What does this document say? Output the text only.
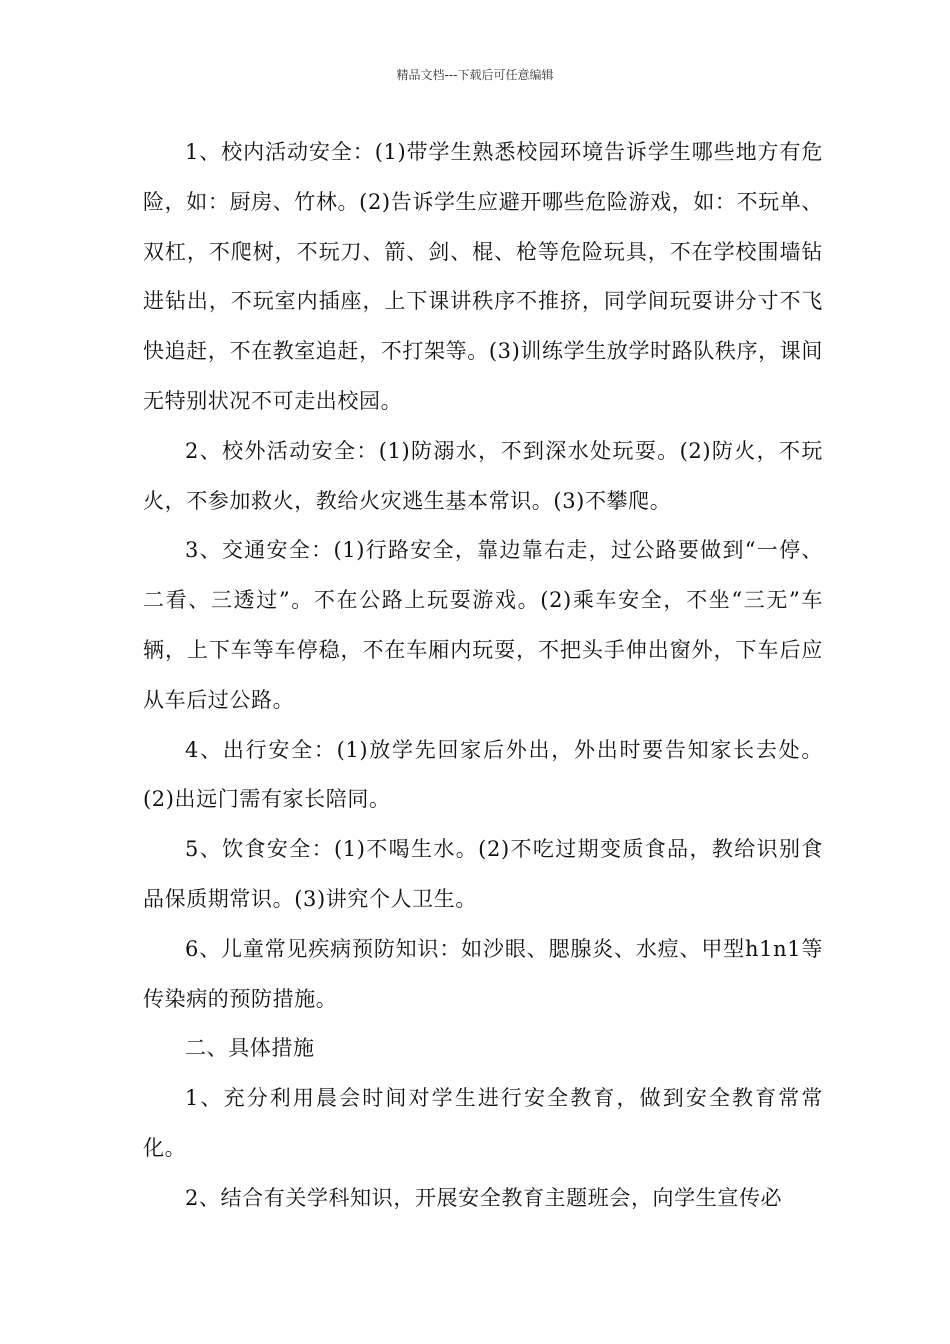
精品文档---下载后可任意编辑

1、校内活动安全：(1)带学生熟悉校园环境告诉学生哪些地方有危险，如：厨房、竹林。(2)告诉学生应避开哪些危险游戏，如：不玩单、双杠，不爬树，不玩刀、箭、剑、棍、枪等危险玩具，不在学校围墙钻进钻出，不玩室内插座，上下课讲秩序不推挤，同学间玩耍讲分寸不飞快追赶，不在教室追赶，不打架等。(3)训练学生放学时路队秩序，课间无特别状况不可走出校园。

2、校外活动安全：(1)防溺水，不到深水处玩耍。(2)防火，不玩火，不参加救火，教给火灾逃生基本常识。(3)不攀爬。

3、交通安全：(1)行路安全，靠边靠右走，过公路要做到“一停、二看、三透过”。不在公路上玩耍游戏。(2)乘车安全，不坐“三无”车辆，上下车等车停稳，不在车厢内玩耍，不把头手伸出窗外，下车后应从车后过公路。

4、出行安全：(1)放学先回家后外出，外出时要告知家长去处。(2)出远门需有家长陪同。

5、饮食安全：(1)不喝生水。(2)不吃过期变质食品，教给识别食品保质期常识。(3)讲究个人卫生。

6、儿童常见疾病预防知识：如沙眼、腮腺炎、水痘、甲型h1n1等传染病的预防措施。

二、具体措施

1、充分利用晨会时间对学生进行安全教育，做到安全教育常常化。

2、结合有关学科知识，开展安全教育主题班会，向学生宣传必
